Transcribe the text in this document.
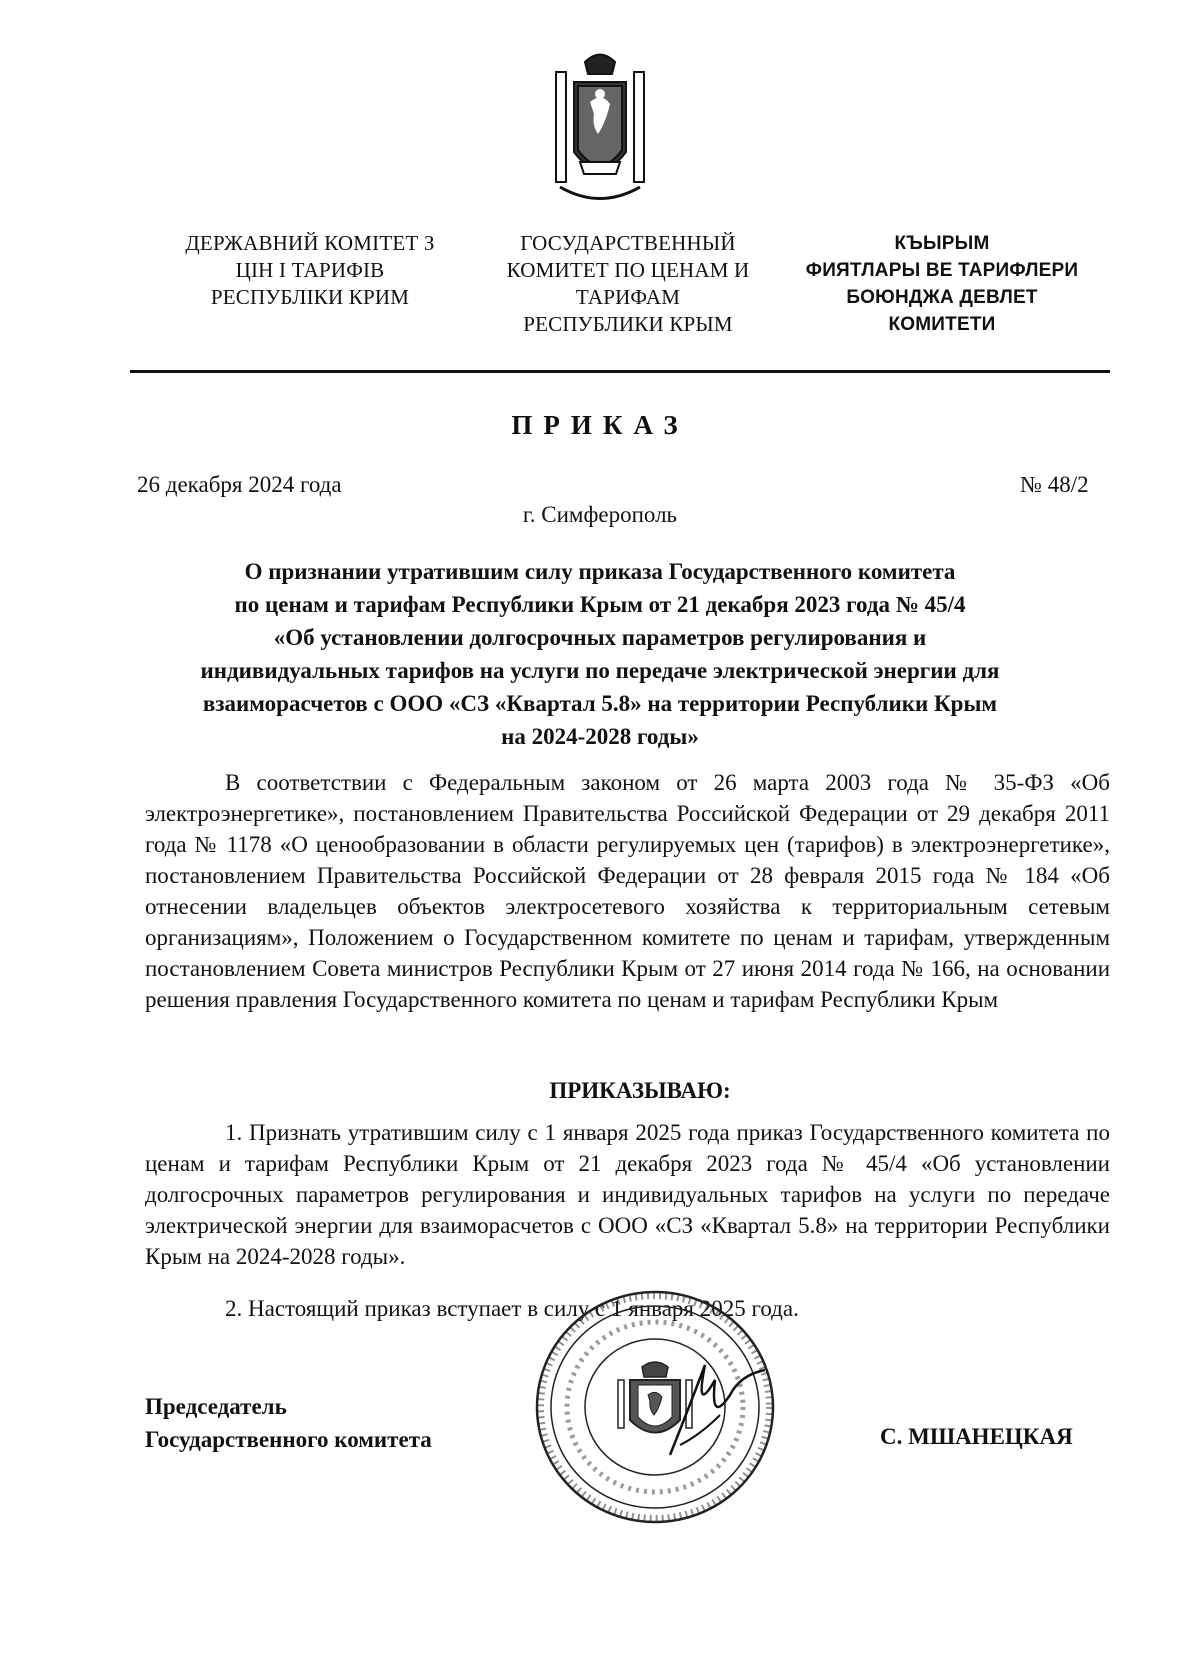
ДЕРЖАВНИЙ КОМІТЕТ З
ЦІН І ТАРИФІВ
РЕСПУБЛІКИ КРИМ
ГОСУДАРСТВЕННЫЙ
КОМИТЕТ ПО ЦЕНАМ И
ТАРИФАМ
РЕСПУБЛИКИ КРЫМ
КЪЫРЫМ
ФИЯТЛАРЫ ВЕ ТАРИФЛЕРИ
БОЮНДЖА ДЕВЛЕТ
КОМИТЕТИ
ПРИКАЗ
26 декабря 2024 года	№ 48/2
г. Симферополь
О признании утратившим силу приказа Государственного комитета
по ценам и тарифам Республики Крым от 21 декабря 2023 года № 45/4
«Об установлении долгосрочных параметров регулирования и
индивидуальных тарифов на услуги по передаче электрической энергии для
взаиморасчетов с ООО «СЗ «Квартал 5.8» на территории Республики Крым
на 2024-2028 годы»

В соответствии с Федеральным законом от 26 марта 2003 года № 35-ФЗ «Об электроэнергетике», постановлением Правительства Российской Федерации от 29 декабря 2011 года № 1178 «О ценообразовании в области регулируемых цен (тарифов) в электроэнергетике», постановлением Правительства Российской Федерации от 28 февраля 2015 года № 184 «Об отнесении владельцев объектов электросетевого хозяйства к территориальным сетевым организациям», Положением о Государственном комитете по ценам и тарифам, утвержденным постановлением Совета министров Республики Крым от 27 июня 2014 года № 166, на основании решения правления Государственного комитета по ценам и тарифам Республики Крым

ПРИКАЗЫВАЮ:

1. Признать утратившим силу с 1 января 2025 года приказ Государственного комитета по ценам и тарифам Республики Крым от 21 декабря 2023 года № 45/4 «Об установлении долгосрочных параметров регулирования и индивидуальных тарифов на услуги по передаче электрической энергии для взаиморасчетов с ООО «СЗ «Квартал 5.8» на территории Республики Крым на 2024-2028 годы».

2. Настоящий приказ вступает в силу с 1 января 2025 года.

Председатель
Государственного комитета	С. МШАНЕЦКАЯ
